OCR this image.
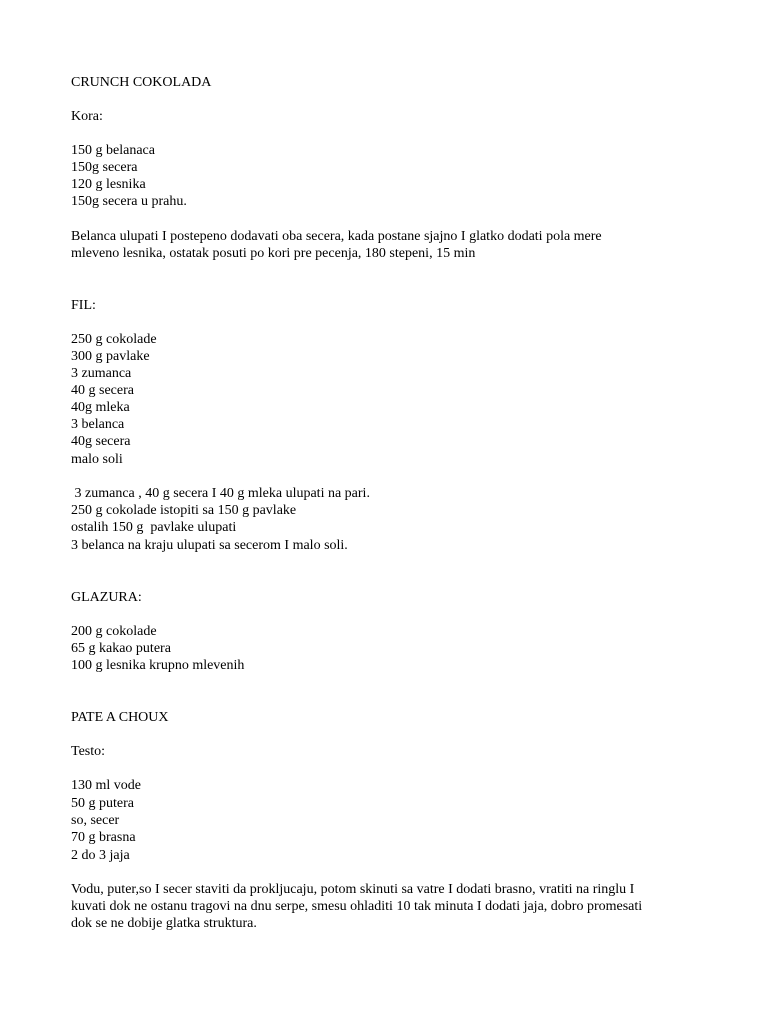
CRUNCH COKOLADA
Kora:
150 g belanaca
150g secera
120 g lesnika
150g secera u prahu.
Belanca ulupati I postepeno dodavati oba secera, kada postane sjajno I glatko dodati pola mere
mleveno lesnika, ostatak posuti po kori pre pecenja, 180 stepeni, 15 min
FIL:
250 g cokolade
300 g pavlake
3 zumanca
40 g secera
40g mleka
3 belanca
40g secera
malo soli
3 zumanca , 40 g secera I 40 g mleka ulupati na pari.
250 g cokolade istopiti sa 150 g pavlake
ostalih 150 g  pavlake ulupati
3 belanca na kraju ulupati sa secerom I malo soli.
GLAZURA:
200 g cokolade
65 g kakao putera
100 g lesnika krupno mlevenih
PATE A CHOUX
Testo:
130 ml vode
50 g putera
so, secer
70 g brasna
2 do 3 jaja
Vodu, puter,so I secer staviti da prokljucaju, potom skinuti sa vatre I dodati brasno, vratiti na ringlu I
kuvati dok ne ostanu tragovi na dnu serpe, smesu ohladiti 10 tak minuta I dodati jaja, dobro promesati
dok se ne dobije glatka struktura.
